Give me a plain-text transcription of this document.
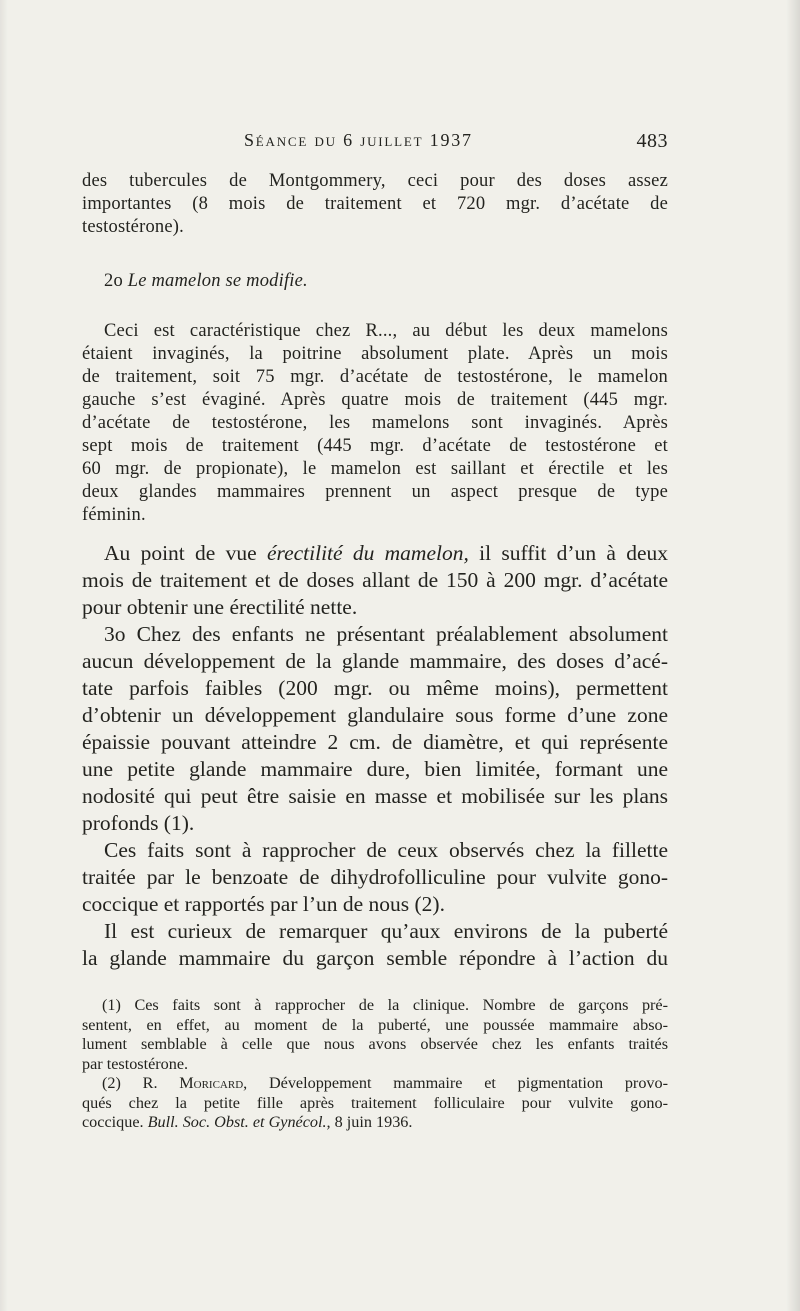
Séance du 6 juillet 1937	483

des tubercules de Montgommery, ceci pour des doses assez
importantes (8 mois de traitement et 720 mgr. d’acétate de
testostérone).

2o Le mamelon se modifie.

Ceci est caractéristique chez R..., au début les deux mamelons
étaient invaginés, la poitrine absolument plate. Après un mois
de traitement, soit 75 mgr. d’acétate de testostérone, le mamelon
gauche s’est évaginé. Après quatre mois de traitement (445 mgr.
d’acétate de testostérone, les mamelons sont invaginés. Après
sept mois de traitement (445 mgr. d’acétate de testostérone et
60 mgr. de propionate), le mamelon est saillant et érectile et les
deux glandes mammaires prennent un aspect presque de type
féminin.

Au point de vue érectilité du mamelon, il suffit d’un à deux
mois de traitement et de doses allant de 150 à 200 mgr. d’acétate
pour obtenir une érectilité nette.

3o Chez des enfants ne présentant préalablement absolument
aucun développement de la glande mammaire, des doses d’acé-
tate parfois faibles (200 mgr. ou même moins), permettent
d’obtenir un développement glandulaire sous forme d’une zone
épaissie pouvant atteindre 2 cm. de diamètre, et qui représente
une petite glande mammaire dure, bien limitée, formant une
nodosité qui peut être saisie en masse et mobilisée sur les plans
profonds (1).

Ces faits sont à rapprocher de ceux observés chez la fillette
traitée par le benzoate de dihydrofolliculine pour vulvite gono-
coccique et rapportés par l’un de nous (2).

Il est curieux de remarquer qu’aux environs de la puberté
la glande mammaire du garçon semble répondre à l’action du

(1) Ces faits sont à rapprocher de la clinique. Nombre de garçons pré-
sentent, en effet, au moment de la puberté, une poussée mammaire abso-
lument semblable à celle que nous avons observée chez les enfants traités
par testostérone.

(2) R. Moricard, Développement mammaire et pigmentation provo-
qués chez la petite fille après traitement folliculaire pour vulvite gono-
coccique. Bull. Soc. Obst. et Gynécol., 8 juin 1936.
